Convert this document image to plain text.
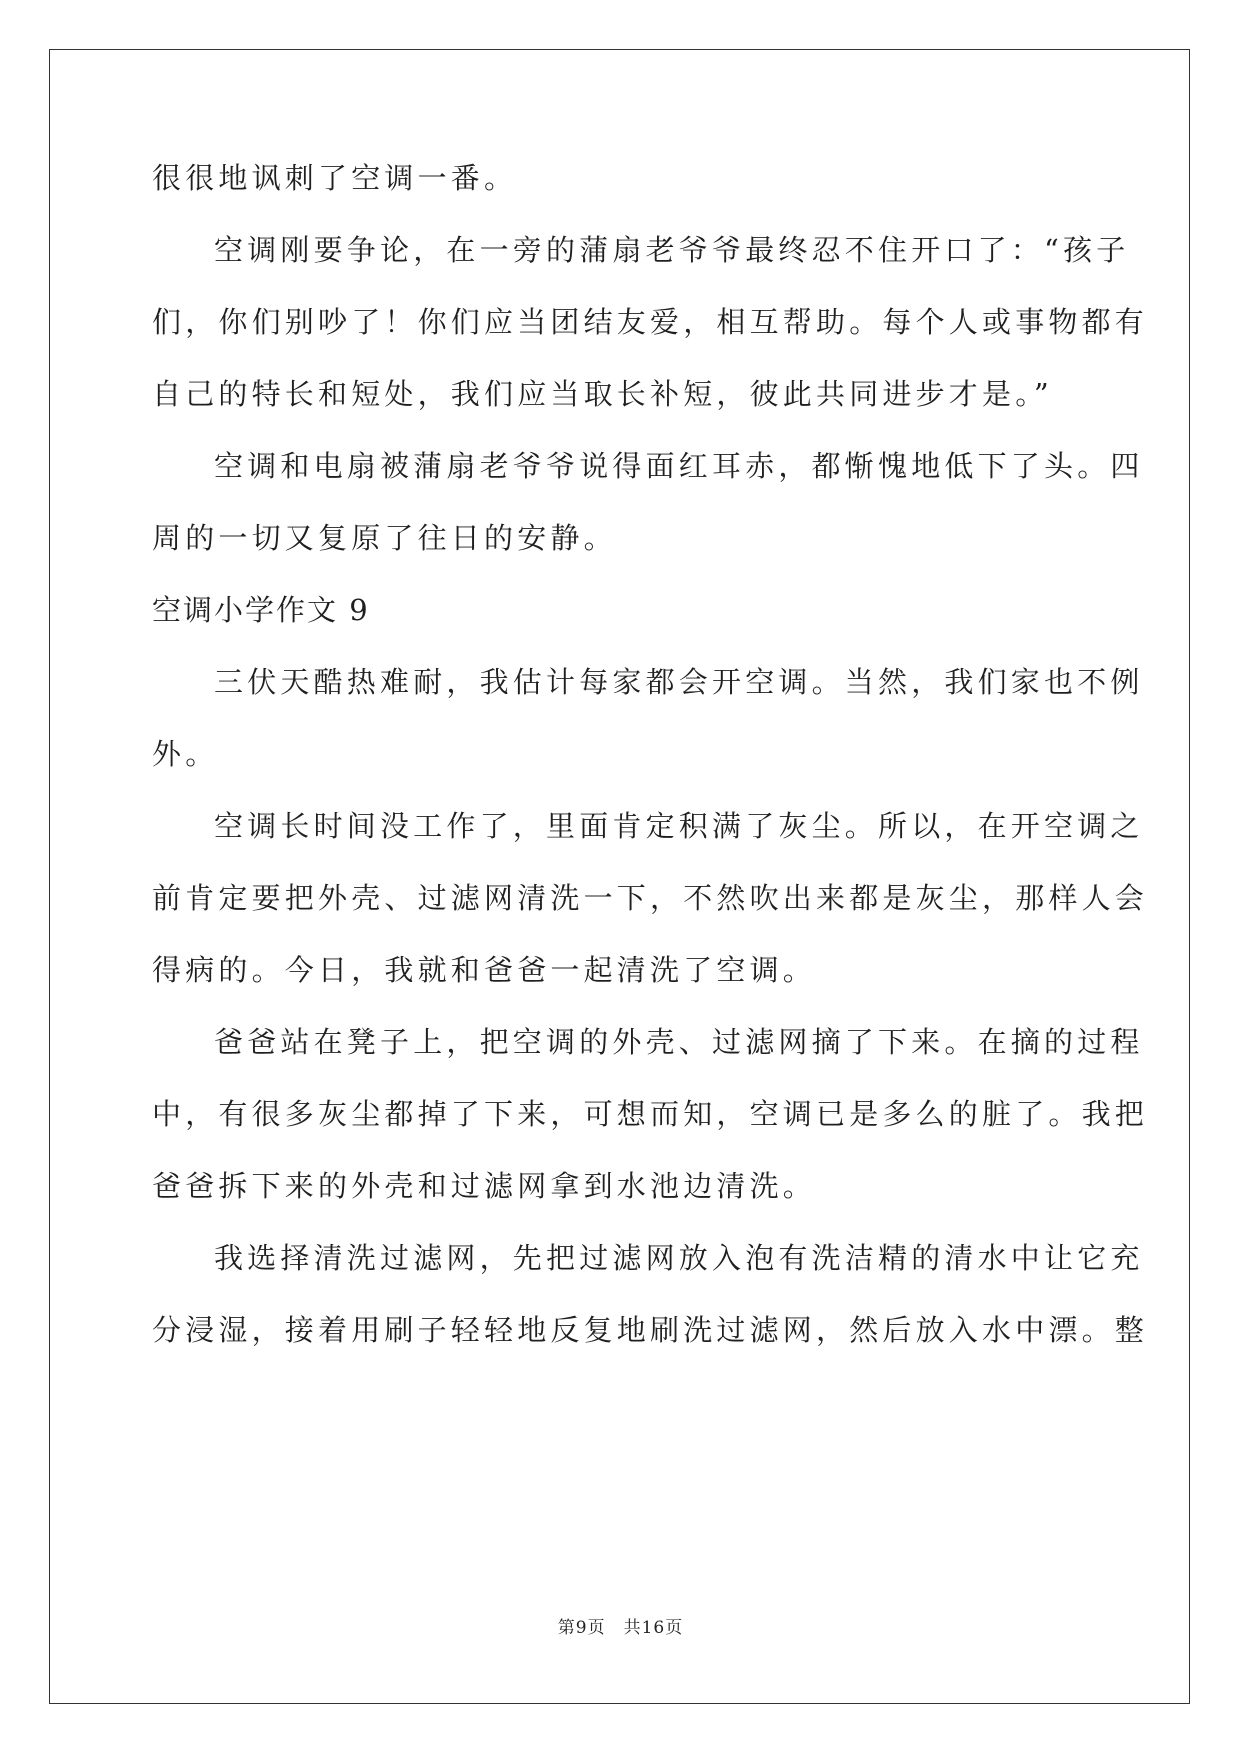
很很地讽刺了空调一番。
空调刚要争论，在一旁的蒲扇老爷爷最终忍不住开口了：“孩子
们，你们别吵了！你们应当团结友爱，相互帮助。每个人或事物都有
自己的特长和短处，我们应当取长补短，彼此共同进步才是。”
空调和电扇被蒲扇老爷爷说得面红耳赤，都惭愧地低下了头。四
周的一切又复原了往日的安静。
空调小学作文 9
三伏天酷热难耐，我估计每家都会开空调。当然，我们家也不例
外。
空调长时间没工作了，里面肯定积满了灰尘。所以，在开空调之
前肯定要把外壳、过滤网清洗一下，不然吹出来都是灰尘，那样人会
得病的。今日，我就和爸爸一起清洗了空调。
爸爸站在凳子上，把空调的外壳、过滤网摘了下来。在摘的过程
中，有很多灰尘都掉了下来，可想而知，空调已是多么的脏了。我把
爸爸拆下来的外壳和过滤网拿到水池边清洗。
我选择清洗过滤网，先把过滤网放入泡有洗洁精的清水中让它充
分浸湿，接着用刷子轻轻地反复地刷洗过滤网，然后放入水中漂。整
第9页　共16页
